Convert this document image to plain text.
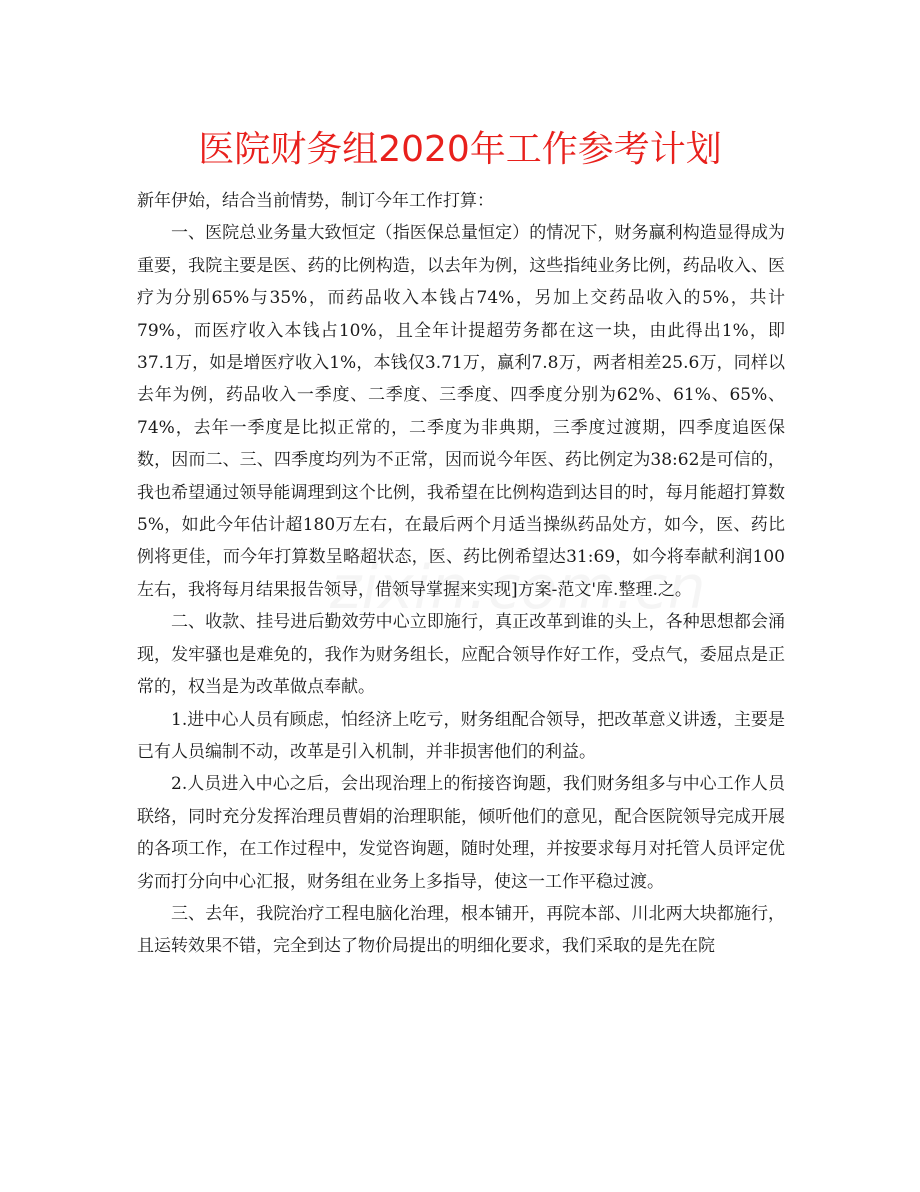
医院财务组2020年工作参考计划

新年伊始，结合当前情势，制订今年工作打算：

一、医院总业务量大致恒定（指医保总量恒定）的情况下，财务赢利构造显得成为重要，我院主要是医、药的比例构造，以去年为例，这些指纯业务比例，药品收入、医疗为分别65%与35%，而药品收入本钱占74%，另加上交药品收入的5%，共计79%，而医疗收入本钱占10%，且全年计提超劳务都在这一块，由此得出1%，即37.1万，如是增医疗收入1%，本钱仅3.71万，赢利7.8万，两者相差25.6万，同样以去年为例，药品收入一季度、二季度、三季度、四季度分别为62%、61%、65%、74%，去年一季度是比拟正常的，二季度为非典期，三季度过渡期，四季度追医保数，因而二、三、四季度均列为不正常，因而说今年医、药比例定为38:62是可信的，我也希望通过领导能调理到这个比例，我希望在比例构造到达目的时，每月能超打算数5%，如此今年估计超180万左右，在最后两个月适当操纵药品处方，如今，医、药比例将更佳，而今年打算数呈略超状态，医、药比例希望达31:69，如今将奉献利润100左右，我将每月结果报告领导，借领导掌握来实现]方案-范文'库.整理.之。

二、收款、挂号进后勤效劳中心立即施行，真正改革到谁的头上，各种思想都会涌现，发牢骚也是难免的，我作为财务组长，应配合领导作好工作，受点气，委屈点是正常的，权当是为改革做点奉献。

1.进中心人员有顾虑，怕经济上吃亏，财务组配合领导，把改革意义讲透，主要是已有人员编制不动，改革是引入机制，并非损害他们的利益。

2.人员进入中心之后，会出现治理上的衔接咨询题，我们财务组多与中心工作人员联络，同时充分发挥治理员曹娟的治理职能，倾听他们的意见，配合医院领导完成开展的各项工作，在工作过程中，发觉咨询题，随时处理，并按要求每月对托管人员评定优劣而打分向中心汇报，财务组在业务上多指导，使这一工作平稳过渡。

三、去年，我院治疗工程电脑化治理，根本铺开，再院本部、川北两大块都施行，且运转效果不错，完全到达了物价局提出的明细化要求，我们采取的是先在院
